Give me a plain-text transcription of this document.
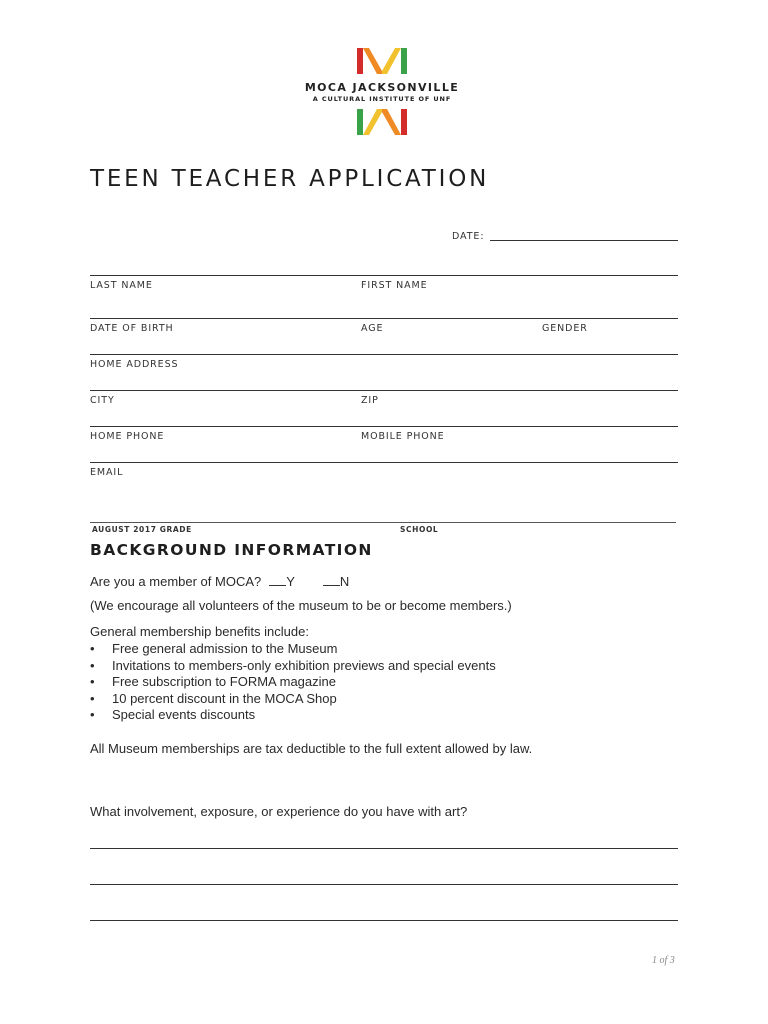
MOCA JACKSONVILLE
A CULTURAL INSTITUTE OF UNF
TEEN TEACHER APPLICATION
DATE:
LAST NAME	FIRST NAME
DATE OF BIRTH	AGE	GENDER
HOME ADDRESS
CITY	ZIP
HOME PHONE	MOBILE PHONE
EMAIL
AUGUST 2017 GRADE	SCHOOL
BACKGROUND INFORMATION
Are you a member of MOCA? Y	N
(We encourage all volunteers of the museum to be or become members.)
General membership benefits include:
• Free general admission to the Museum
• Invitations to members-only exhibition previews and special events
• Free subscription to FORMA magazine
• 10 percent discount in the MOCA Shop
• Special events discounts
All Museum memberships are tax deductible to the full extent allowed by law.
What involvement, exposure, or experience do you have with art?
1 of 3
